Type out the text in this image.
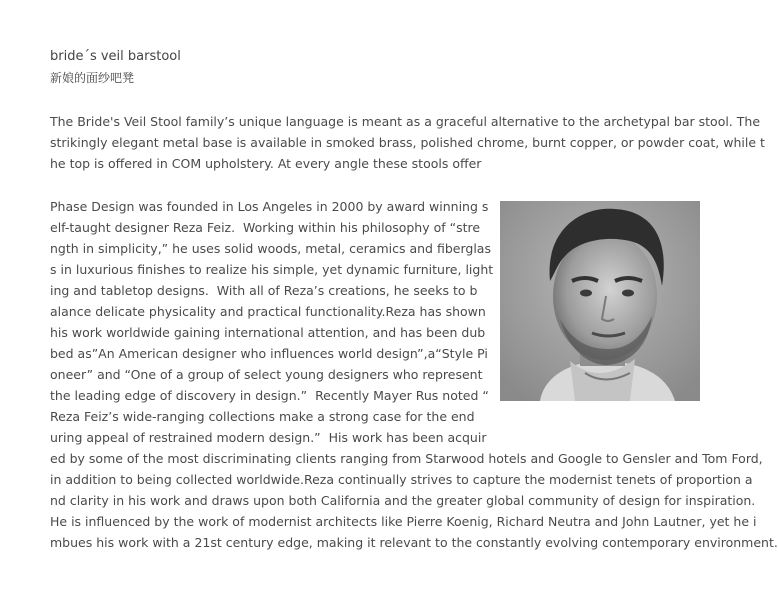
bride´s veil barstool
新娘的面纱吧凳
The Bride's Veil Stool family’s unique language is meant as a graceful alternative to the archetypal bar stool. The
strikingly elegant metal base is available in smoked brass, polished chrome, burnt copper, or powder coat, while t
he top is offered in COM upholstery. At every angle these stools offer
Phase Design was founded in Los Angeles in 2000 by award winning s
elf-taught designer Reza Feiz.  Working within his philosophy of “stre
ngth in simplicity,” he uses solid woods, metal, ceramics and fiberglas
s in luxurious finishes to realize his simple, yet dynamic furniture, light
ing and tabletop designs.  With all of Reza’s creations, he seeks to b
alance delicate physicality and practical functionality.Reza has shown
his work worldwide gaining international attention, and has been dub
bed as”An American designer who influences world design”,a“Style Pi
oneer” and “One of a group of select young designers who represent
the leading edge of discovery in design.”  Recently Mayer Rus noted “
Reza Feiz’s wide-ranging collections make a strong case for the end
uring appeal of restrained modern design.”  His work has been acquir
ed by some of the most discriminating clients ranging from Starwood hotels and Google to Gensler and Tom Ford,
in addition to being collected worldwide.Reza continually strives to capture the modernist tenets of proportion a
nd clarity in his work and draws upon both California and the greater global community of design for inspiration.
He is influenced by the work of modernist architects like Pierre Koenig, Richard Neutra and John Lautner, yet he i
mbues his work with a 21st century edge, making it relevant to the constantly evolving contemporary environment.
